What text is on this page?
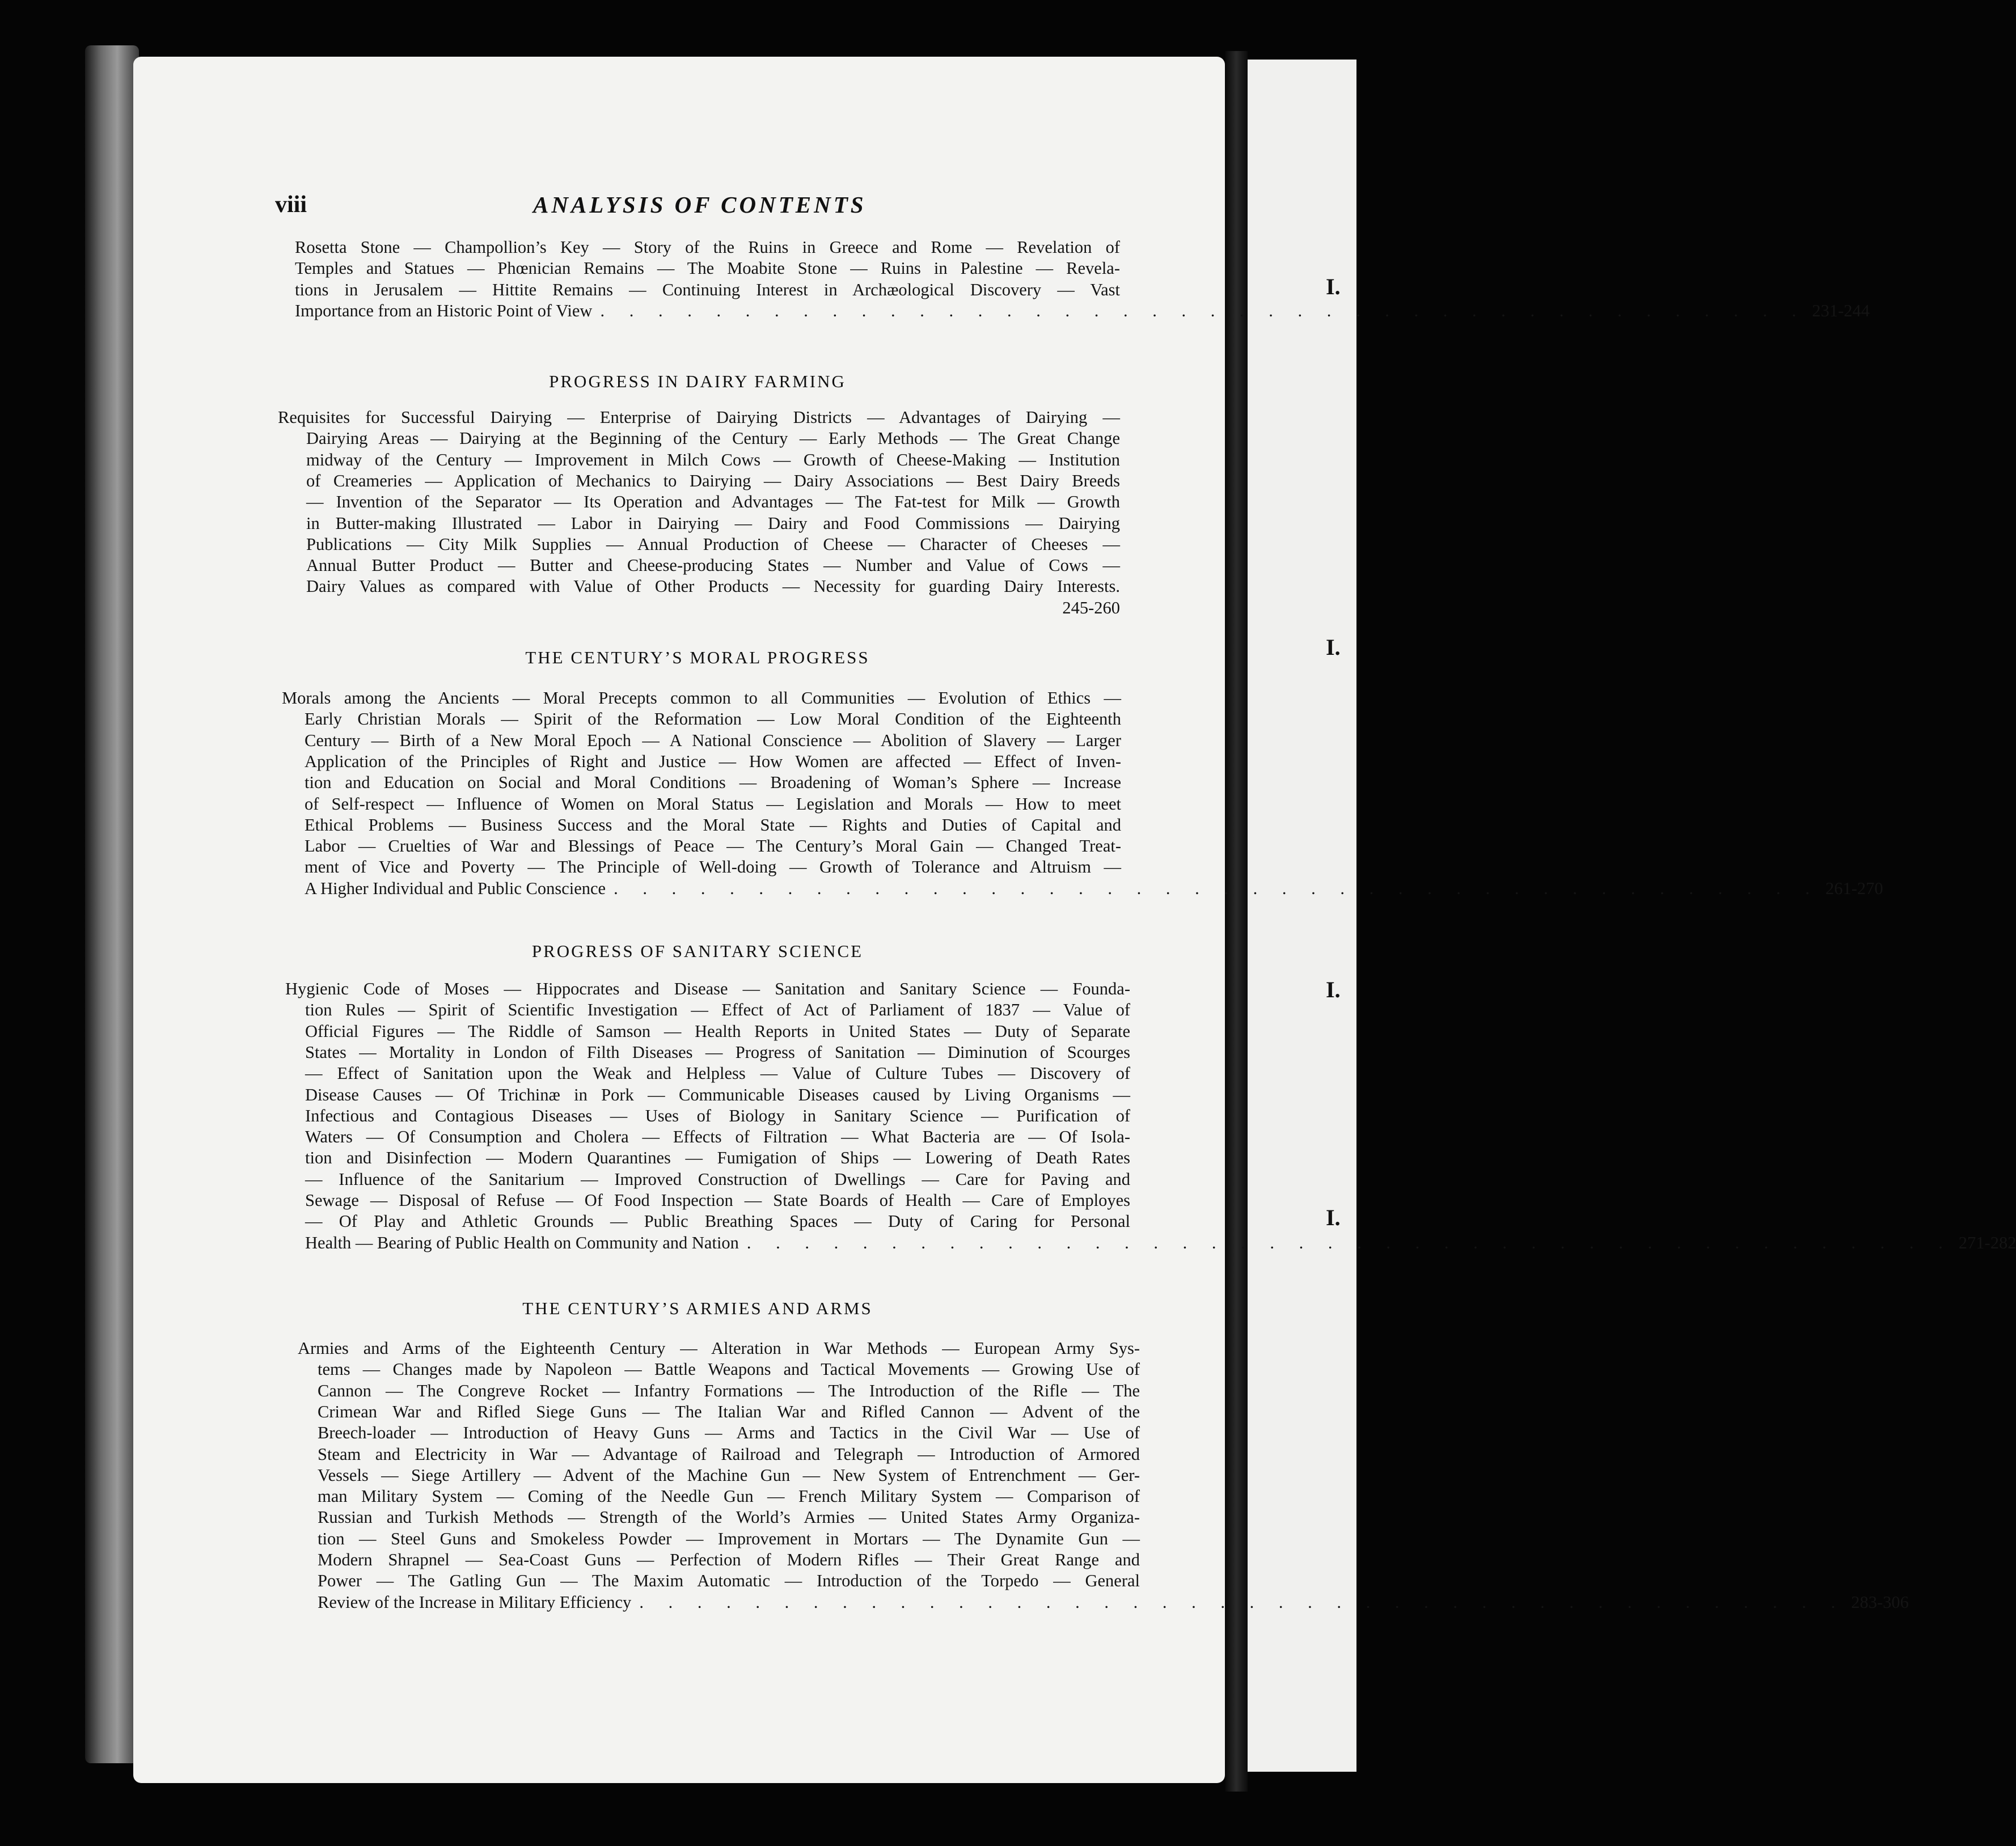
I.
I.
I.
I.
viii	ANALYSIS OF CONTENTS
Rosetta Stone — Champollion’s Key — Story of the Ruins in Greece and Rome — Revelation of
Temples and Statues — Phœnician Remains — The Moabite Stone — Ruins in Palestine — Revela-
tions in Jerusalem — Hittite Remains — Continuing Interest in Archæological Discovery — Vast
Importance from an Historic Point of View . . . . . . . . . . . . . . . . . . . . . . . . . . . . . . . . . . . . . . . . . . 231-244
PROGRESS IN DAIRY FARMING
Requisites for Successful Dairying — Enterprise of Dairying Districts — Advantages of Dairying —
Dairying Areas — Dairying at the Beginning of the Century — Early Methods — The Great Change
midway of the Century — Improvement in Milch Cows — Growth of Cheese-Making — Institution
of Creameries — Application of Mechanics to Dairying — Dairy Associations — Best Dairy Breeds
— Invention of the Separator — Its Operation and Advantages — The Fat-test for Milk — Growth
in Butter-making Illustrated — Labor in Dairying — Dairy and Food Commissions — Dairying
Publications — City Milk Supplies — Annual Production of Cheese — Character of Cheeses —
Annual Butter Product — Butter and Cheese-producing States — Number and Value of Cows —
Dairy Values as compared with Value of Other Products — Necessity for guarding Dairy Interests.
245-260
THE CENTURY’S MORAL PROGRESS
Morals among the Ancients — Moral Precepts common to all Communities — Evolution of Ethics —
Early Christian Morals — Spirit of the Reformation — Low Moral Condition of the Eighteenth
Century — Birth of a New Moral Epoch — A National Conscience — Abolition of Slavery — Larger
Application of the Principles of Right and Justice — How Women are affected — Effect of Inven-
tion and Education on Social and Moral Conditions — Broadening of Woman’s Sphere — Increase
of Self-respect — Influence of Women on Moral Status — Legislation and Morals — How to meet
Ethical Problems — Business Success and the Moral State — Rights and Duties of Capital and
Labor — Cruelties of War and Blessings of Peace — The Century’s Moral Gain — Changed Treat-
ment of Vice and Poverty — The Principle of Well-doing — Growth of Tolerance and Altruism —
A Higher Individual and Public Conscience . . . . . . . . . . . . . . . . . . . . . . . . . . . . . . . . . . . . . . . . . . 261-270
PROGRESS OF SANITARY SCIENCE
Hygienic Code of Moses — Hippocrates and Disease — Sanitation and Sanitary Science — Founda-
tion Rules — Spirit of Scientific Investigation — Effect of Act of Parliament of 1837 — Value of
Official Figures — The Riddle of Samson — Health Reports in United States — Duty of Separate
States — Mortality in London of Filth Diseases — Progress of Sanitation — Diminution of Scourges
— Effect of Sanitation upon the Weak and Helpless — Value of Culture Tubes — Discovery of
Disease Causes — Of Trichinæ in Pork — Communicable Diseases caused by Living Organisms —
Infectious and Contagious Diseases — Uses of Biology in Sanitary Science — Purification of
Waters — Of Consumption and Cholera — Effects of Filtration — What Bacteria are — Of Isola-
tion and Disinfection — Modern Quarantines — Fumigation of Ships — Lowering of Death Rates
— Influence of the Sanitarium — Improved Construction of Dwellings — Care for Paving and
Sewage — Disposal of Refuse — Of Food Inspection — State Boards of Health — Care of Employes
— Of Play and Athletic Grounds — Public Breathing Spaces — Duty of Caring for Personal
Health — Bearing of Public Health on Community and Nation . . . . . . . . . . . . . . . . . . . . . . . . . . . . . . . . . . . . . . . . . . 271-282
THE CENTURY’S ARMIES AND ARMS
Armies and Arms of the Eighteenth Century — Alteration in War Methods — European Army Sys-
tems — Changes made by Napoleon — Battle Weapons and Tactical Movements — Growing Use of
Cannon — The Congreve Rocket — Infantry Formations — The Introduction of the Rifle — The
Crimean War and Rifled Siege Guns — The Italian War and Rifled Cannon — Advent of the
Breech-loader — Introduction of Heavy Guns — Arms and Tactics in the Civil War — Use of
Steam and Electricity in War — Advantage of Railroad and Telegraph — Introduction of Armored
Vessels — Siege Artillery — Advent of the Machine Gun — New System of Entrenchment — Ger-
man Military System — Coming of the Needle Gun — French Military System — Comparison of
Russian and Turkish Methods — Strength of the World’s Armies — United States Army Organiza-
tion — Steel Guns and Smokeless Powder — Improvement in Mortars — The Dynamite Gun —
Modern Shrapnel — Sea-Coast Guns — Perfection of Modern Rifles — Their Great Range and
Power — The Gatling Gun — The Maxim Automatic — Introduction of the Torpedo — General
Review of the Increase in Military Efficiency . . . . . . . . . . . . . . . . . . . . . . . . . . . . . . . . . . . . . . . . . . 283-306
